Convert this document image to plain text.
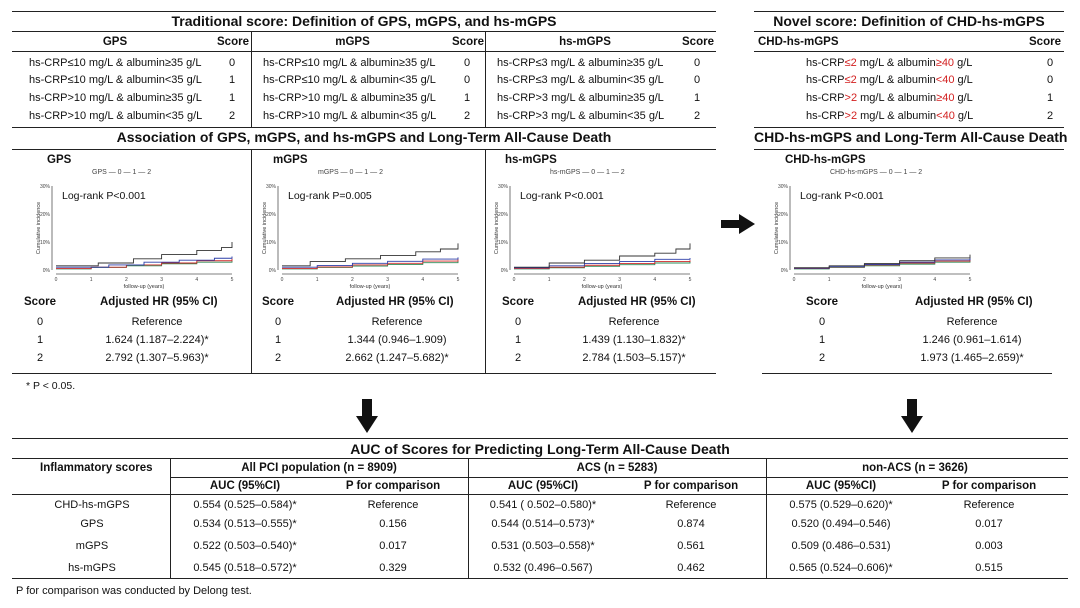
Traditional score: Definition of GPS, mGPS, and hs-mGPS
GPS	Score
hs-CRP≤10 mg/L & albumin≥35 g/L	0
hs-CRP≤10 mg/L & albumin<35 g/L 1
hs-CRP>10 mg/L & albumin≥35 g/L 1
hs-CRP>10 mg/L & albumin<35 g/L 2
mGPS	Score
hs-CRP≤10 mg/L & albumin≥35 g/L	0
hs-CRP≤10 mg/L & albumin<35 g/L	0
hs-CRP>10 mg/L & albumin≥35 g/L	1
hs-CRP>10 mg/L & albumin<35 g/L	2
hs-mGPS	Score
hs-CRP≤3 mg/L & albumin≥35 g/L	0
hs-CRP≤3 mg/L & albumin<35 g/L	0
hs-CRP>3 mg/L & albumin≥35 g/L	1
hs-CRP>3 mg/L & albumin<35 g/L	2
Novel score: Definition of CHD-hs-mGPS
CHD-hs-mGPS	Score
hs-CRP≤2 mg/L & albumin≥40 g/L	0
hs-CRP≤2 mg/L & albumin<40 g/L	0
hs-CRP>2 mg/L & albumin≥40 g/L	1
hs-CRP>2 mg/L & albumin<40 g/L	2
Association of GPS, mGPS, and hs-mGPS and Long-Term All-Cause Death	CHD-hs-mGPS and Long-Term All-Cause Death
0%
10%
20%
30%
0	1	2	3	4	5
follow-up (years)
Cumulative incidence
GPS
GPS — 0 — 1 — 2
Log-rank P<0.001
0%
10%
20%
30%
0	1	2	3	4	5
follow-up (years)
Cumulative incidence
mGPS
mGPS — 0 — 1 — 2
Log-rank P=0.005
0%
10%
20%
30%
0	1	2	3	4	5
follow-up (years)
Cumulative incidence
hs-mGPS
hs-mGPS — 0 — 1 — 2
Log-rank P<0.001
0%
10%
20%
30%
0	1	2	3	4	5
follow-up (years)
Cumulative incidence
CHD-hs-mGPS
CHD-hs-mGPS — 0 — 1 — 2
Log-rank P<0.001
Score	Adjusted HR (95% CI)
0	Reference
1	1.624 (1.187–2.224)*
2	2.792 (1.307–5.963)*
Score	Adjusted HR (95% CI)
0	Reference
1	1.344 (0.946–1.909)
2	2.662 (1.247–5.682)*
Score	Adjusted HR (95% CI)
0	Reference
1	1.439 (1.130–1.832)*
2	2.784 (1.503–5.157)*
Score	Adjusted HR (95% CI)
0	Reference
1	1.246 (0.961–1.614)
2	1.973 (1.465–2.659)*
* P < 0.05.
AUC of Scores for Predicting Long-Term All-Cause Death
Inflammatory scores	All PCI population (n = 8909)
AUC (95%CI)	P for comparison
ACS (n = 5283)
AUC (95%CI)	P for comparison
non-ACS (n = 3626)
AUC (95%CI)	P for comparison
CHD-hs-mGPS	0.554 (0.525–0.584)*	Reference	0.541 ( 0.502–0.580)*	Reference	0.575 (0.529–0.620)*	Reference
GPS	0.534 (0.513–0.555)*	0.156	0.544 (0.514–0.573)*	0.874	0.520 (0.494–0.546)	0.017
mGPS	0.522 (0.503–0.540)*	0.017	0.531 (0.503–0.558)*	0.561	0.509 (0.486–0.531)	0.003
hs-mGPS	0.545 (0.518–0.572)*	0.329	0.532 (0.496–0.567)	0.462	0.565 (0.524–0.606)*	0.515
P for comparison was conducted by Delong test.
